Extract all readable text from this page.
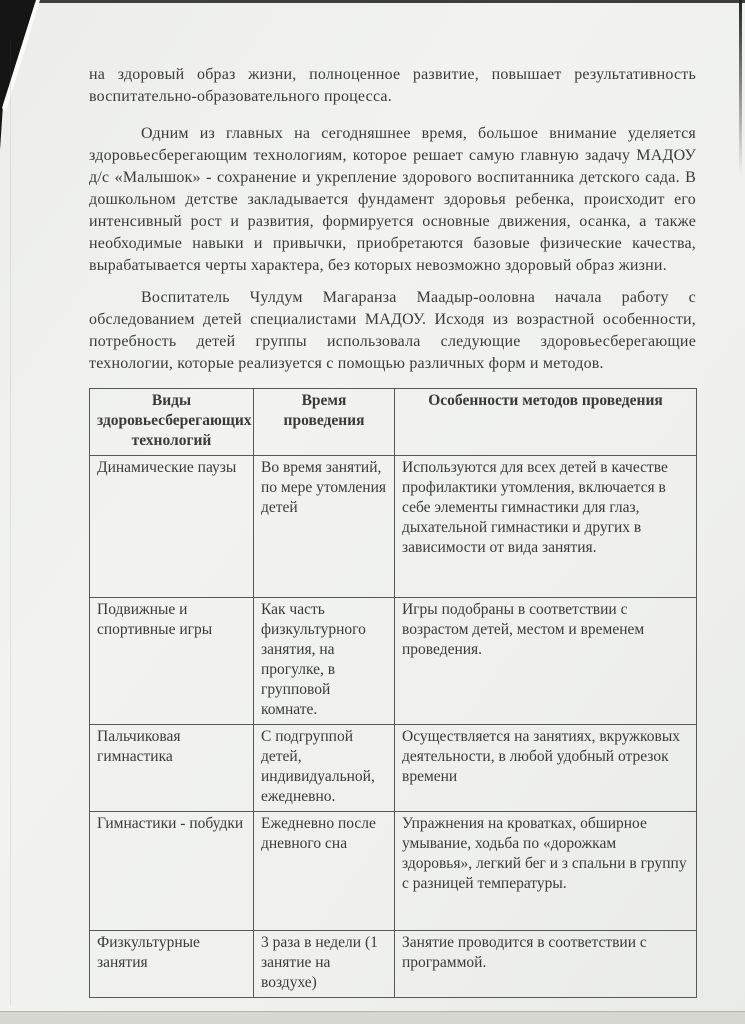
на здоровый образ жизни, полноценное развитие, повышает результативность воспитательно-образовательного процесса.

Одним из главных на сегодняшнее время, большое внимание уделяется здоровьесберегающим технологиям, которое решает самую главную задачу МАДОУ д/с «Малышок» - сохранение и укрепление здорового воспитанника детского сада. В дошкольном детстве закладывается фундамент здоровья ребенка, происходит его интенсивный рост и развития, формируется основные движения, осанка, а также необходимые навыки и привычки, приобретаются базовые физические качества, вырабатывается черты характера, без которых невозможно здоровый образ жизни.

Воспитатель Чулдум Магаранза Маадыр-ооловна начала работу с обследованием детей специалистами МАДОУ. Исходя из возрастной особенности, потребность детей группы использовала следующие здоровьесберегающие технологии, которые реализуется с помощью различных форм и методов.

Виды здоровьесберегающих технологий	Время проведения	Особенности методов проведения
Динамические паузы	Во время занятий, по мере утомления детей	Используются для всех детей в качестве профилактики утомления, включается в себе элементы гимнастики для глаз, дыхательной гимнастики и других в зависимости от вида занятия.
Подвижные и спортивные игры	Как часть физкультурного занятия, на прогулке, в групповой комнате.	Игры подобраны в соответствии с возрастом детей, местом и временем проведения.
Пальчиковая гимнастика	С подгруппой детей, индивидуальной, ежедневно.	Осуществляется на занятиях, вкружковых деятельности, в любой удобный отрезок времени
Гимнастики - побудки	Ежедневно после дневного сна	Упражнения на кроватках, обширное умывание, ходьба по «дорожкам здоровья», легкий бег и з спальни в группу с разницей температуры.
Физкультурные занятия	3 раза в недели (1 занятие на воздухе)	Занятие проводится в соответствии с программой.
